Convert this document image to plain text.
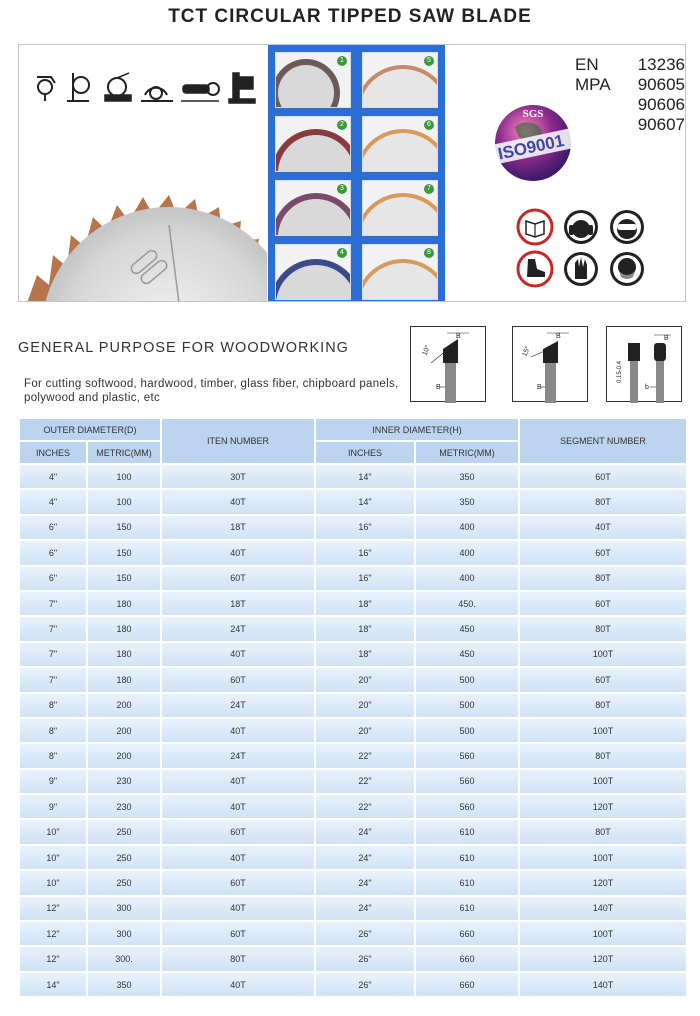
TCT CIRCULAR TIPPED SAW BLADE
1
2
3
4
5
6
7
8
EN	13236
MPA	90605
90606
90607
SGS
ISO9001
GENERAL PURPOSE FOR WOODWORKING
For cutting softwood, hardwood, timber, glass fiber, chipboard panels, polywood and plastic, etc
B
10°
B
B
15°
B
B
0.15-0.4
b
OUTER DIAMETER(D)		ITEN NUMBER	INNER DIAMETER(H)		SEGMENT NUMBER
INCHES	METRIC(MM)		INCHES	METRIC(MM)	
4"	100	30T	14"	350	60T
4"	100	40T	14"	350	80T
6"	150	18T	16"	400	40T
6"	150	40T	16"	400	60T
6"	150	60T	16"	400	80T
7"	180	18T	18"	450.	60T
7"	180	24T	18"	450	80T
7"	180	40T	18"	450	100T
7"	180	60T	20"	500	60T
8"	200	24T	20"	500	80T
8"	200	40T	20"	500	100T
8"	200	24T	22"	560	80T
9"	230	40T	22"	560	100T
9"	230	40T	22"	560	120T
10"	250	60T	24"	610	80T
10"	250	40T	24"	610	100T
10"	250	60T	24"	610	120T
12"	300	40T	24"	610	140T
12"	300	60T	26"	660	100T
12"	300.	80T	26"	660	120T
14"	350	40T	26"	660	140T
